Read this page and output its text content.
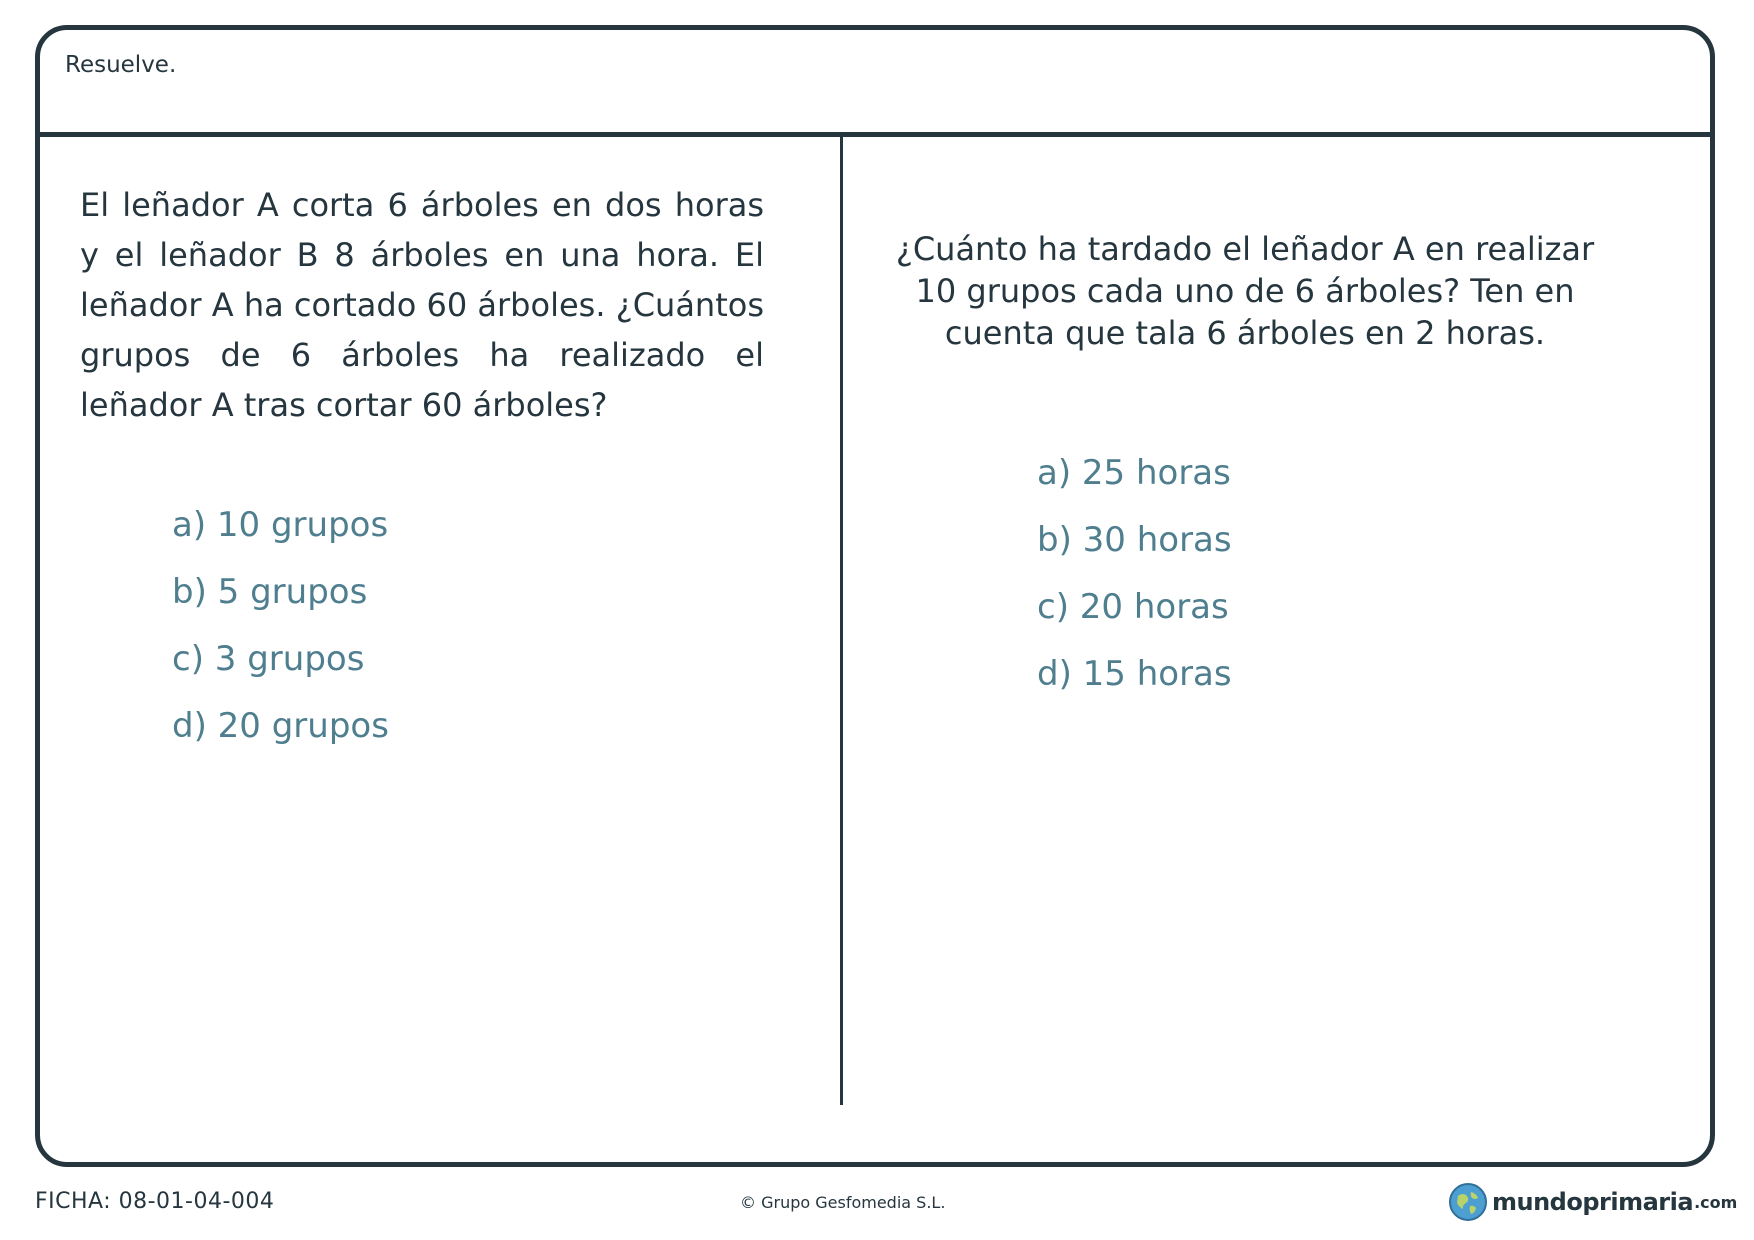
Resuelve.
El leñador A corta 6 árboles en dos horas y el leñador B 8 árboles en una hora. El leñador A ha cortado 60 árboles. ¿Cuántos grupos de 6 árboles ha realizado el leñador A tras cortar 60 árboles?
a) 10 grupos
b) 5 grupos
c) 3 grupos
d) 20 grupos
¿Cuánto ha tardado el leñador A en realizar 10 grupos cada uno de 6 árboles? Ten en cuenta que tala 6 árboles en 2 horas.
a) 25 horas
b) 30 horas
c) 20 horas
d) 15 horas
FICHA: 08-01-04-004	© Grupo Gesfomedia S.L.	mundoprimaria .com
